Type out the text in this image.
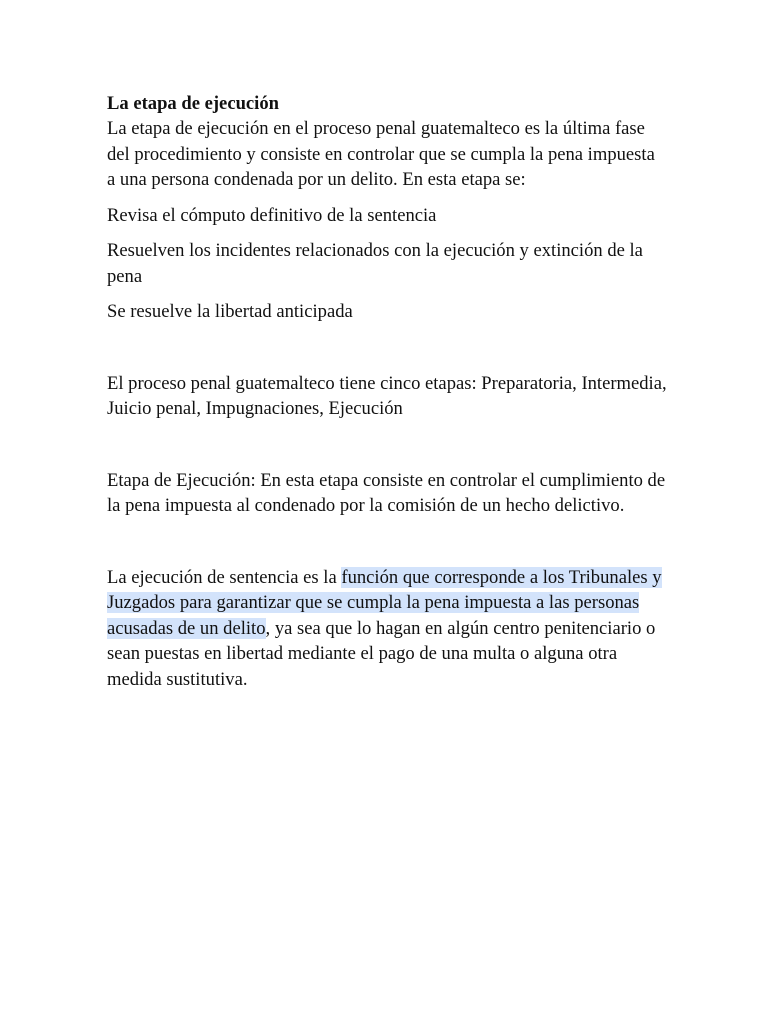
La etapa de ejecución

La etapa de ejecución en el proceso penal guatemalteco es la última fase del procedimiento y consiste en controlar que se cumpla la pena impuesta a una persona condenada por un delito. En esta etapa se:

Revisa el cómputo definitivo de la sentencia

Resuelven los incidentes relacionados con la ejecución y extinción de la pena

Se resuelve la libertad anticipada

El proceso penal guatemalteco tiene cinco etapas: Preparatoria, Intermedia, Juicio penal, Impugnaciones, Ejecución

Etapa de Ejecución: En esta etapa consiste en controlar el cumplimiento de la pena impuesta al condenado por la comisión de un hecho delictivo.

La ejecución de sentencia es la función que corresponde a los Tribunales y Juzgados para garantizar que se cumpla la pena impuesta a las personas acusadas de un delito, ya sea que lo hagan en algún centro penitenciario o sean puestas en libertad mediante el pago de una multa o alguna otra medida sustitutiva.
